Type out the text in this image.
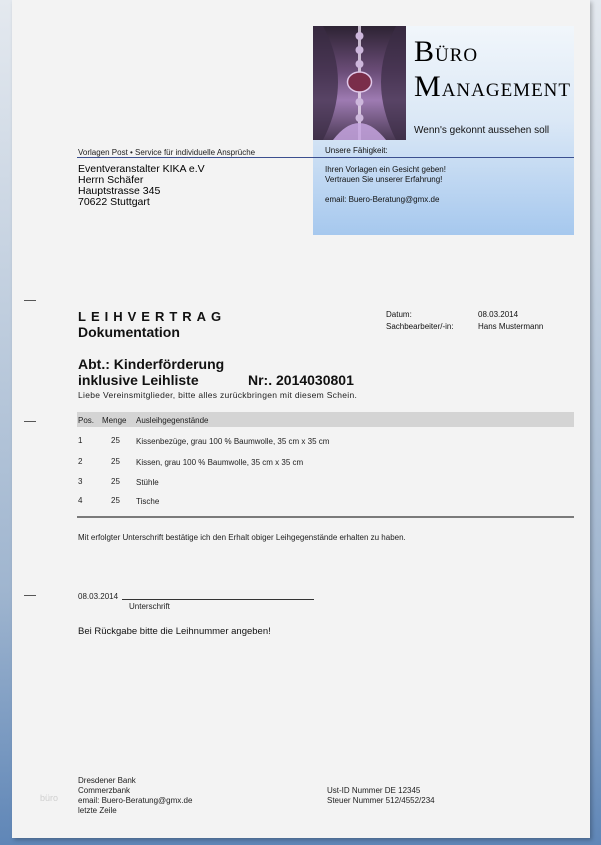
BÜRO
MANAGEMENT
Wenn's gekonnt aussehen soll
Unsere Fähigkeit:
Ihren Vorlagen ein Gesicht geben!
Vertrauen Sie unserer Erfahrung!
email: Buero-Beratung@gmx.de
Vorlagen Post • Service für individuelle Ansprüche
Eventveranstalter KIKA e.V
Herrn Schäfer
Hauptstrasse 345
70622 Stuttgart
LEIHVERTRAG
Dokumentation
Datum:	08.03.2014
Sachbearbeiter/-in:	Hans Mustermann
Abt.: Kinderförderung
inklusive Leihliste	Nr:. 2014030801
Liebe Vereinsmitglieder, bitte alles zurückbringen mit diesem Schein.
Pos. Menge Ausleihgegenstände
1	25 Kissenbezüge, grau 100 % Baumwolle, 35 cm x 35 cm
2	25 Kissen, grau 100 % Baumwolle, 35 cm x 35 cm
3	25 Stühle
4	25 Tische
Mit erfolgter Unterschrift bestätige ich den Erhalt obiger Leihgegenstände erhalten zu haben.
08.03.2014
Unterschrift
Bei Rückgabe bitte die Leihnummer angeben!
büro
Dresdener Bank
Commerzbank
email: Buero-Beratung@gmx.de
letzte Zeile
Ust-ID Nummer DE 12345
Steuer Nummer 512/4552/234
